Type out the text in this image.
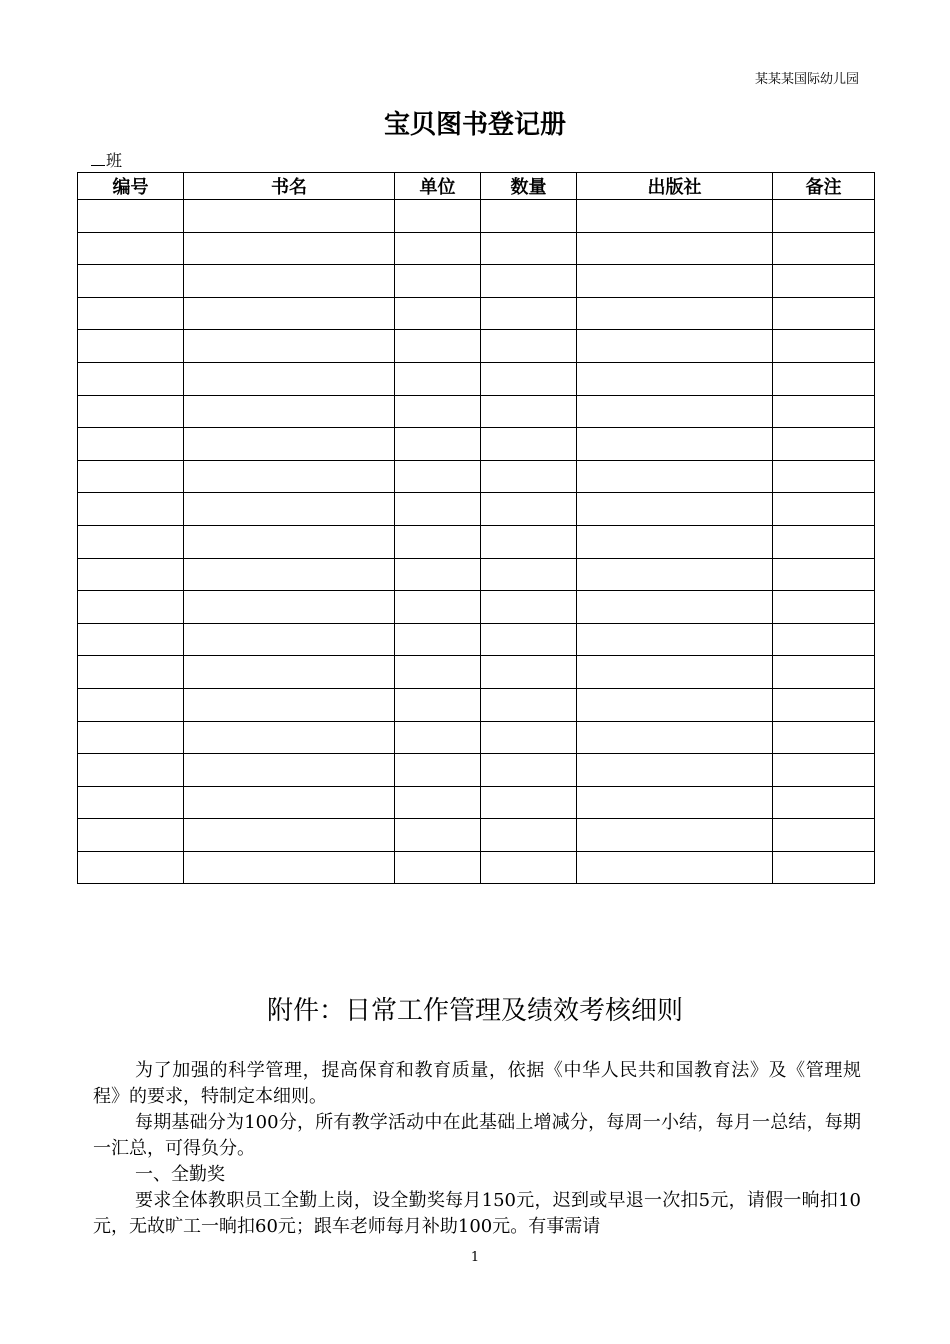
某某某国际幼儿园
宝贝图书登记册
班
编号	书名	单位	数量	出版社	备注

附件：日常工作管理及绩效考核细则

为了加强的科学管理，提高保育和教育质量，依据《中华人民共和国教育法》及《管理规程》的要求，特制定本细则。

每期基础分为100分，所有教学活动中在此基础上增减分，每周一小结，每月一总结，每期一汇总，可得负分。

一、全勤奖

要求全体教职员工全勤上岗，设全勤奖每月150元，迟到或早退一次扣5元，请假一晌扣10元，无故旷工一晌扣60元；跟车老师每月补助100元。有事需请

1
